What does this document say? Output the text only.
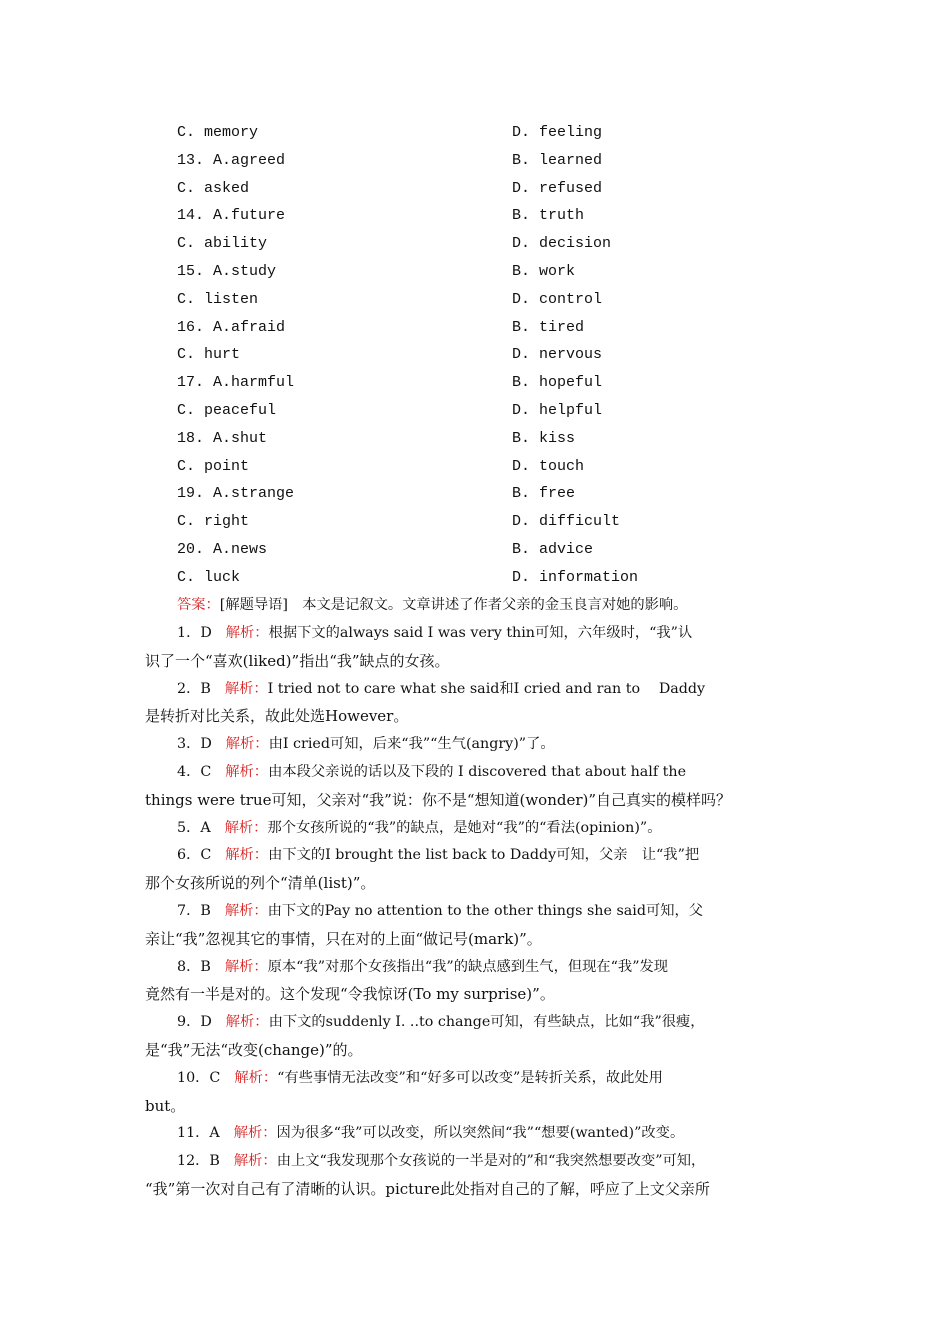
C. memory	D. feeling
13. A.agreed	B. learned
C. asked	D. refused
14. A.future	B. truth
C. ability	D. decision
15. A.study	B. work
C. listen	D. control
16. A.afraid	B. tired
C. hurt	D. nervous
17. A.harmful	B. hopeful
C. peaceful	D. helpful
18. A.shut	B. kiss
C. point	D. touch
19. A.strange	B. free
C. right	D. difficult
20. A.news	B. advice
C. luck	D. information
答案：[解题导语]　本文是记叙文。文章讲述了作者父亲的金玉良言对她的影响。
1．D 解析：根据下文的always said I was very thin可知，六年级时，“我”认
识了一个“喜欢(liked)”指出“我”缺点的女孩。
2．B 解析：I tried not to care what she said和I cried and ran to　 Daddy
是转折对比关系，故此处选However。
3．D 解析：由I cried可知，后来“我”“生气(angry)”了。
4．C 解析：由本段父亲说的话以及下段的 I discovered that about half the
things were true可知，父亲对“我”说：你不是“想知道(wonder)”自己真实的模样吗？
5．A 解析：那个女孩所说的“我”的缺点，是她对“我”的“看法(opinion)”。
6．C 解析：由下文的I brought the list back to Daddy可知，父亲　让“我”把
那个女孩所说的列个“清单(list)”。
7．B 解析：由下文的Pay no attention to the other things she said可知，父
亲让“我”忽视其它的事情，只在对的上面“做记号(mark)”。
8．B 解析：原本“我”对那个女孩指出“我”的缺点感到生气，但现在“我”发现
竟然有一半是对的。这个发现“令我惊讶(To my surprise)”。
9．D 解析：由下文的suddenly I. ..to change可知，有些缺点，比如“我”很瘦，
是“我”无法“改变(change)”的。
10．C 解析：“有些事情无法改变”和“好多可以改变”是转折关系，故此处用
but。
11．A 解析：因为很多“我”可以改变，所以突然间“我”“想要(wanted)”改变。
12．B 解析：由上文“我发现那个女孩说的一半是对的”和“我突然想要改变”可知，
“我”第一次对自己有了清晰的认识。picture此处指对自己的了解，呼应了上文父亲所
